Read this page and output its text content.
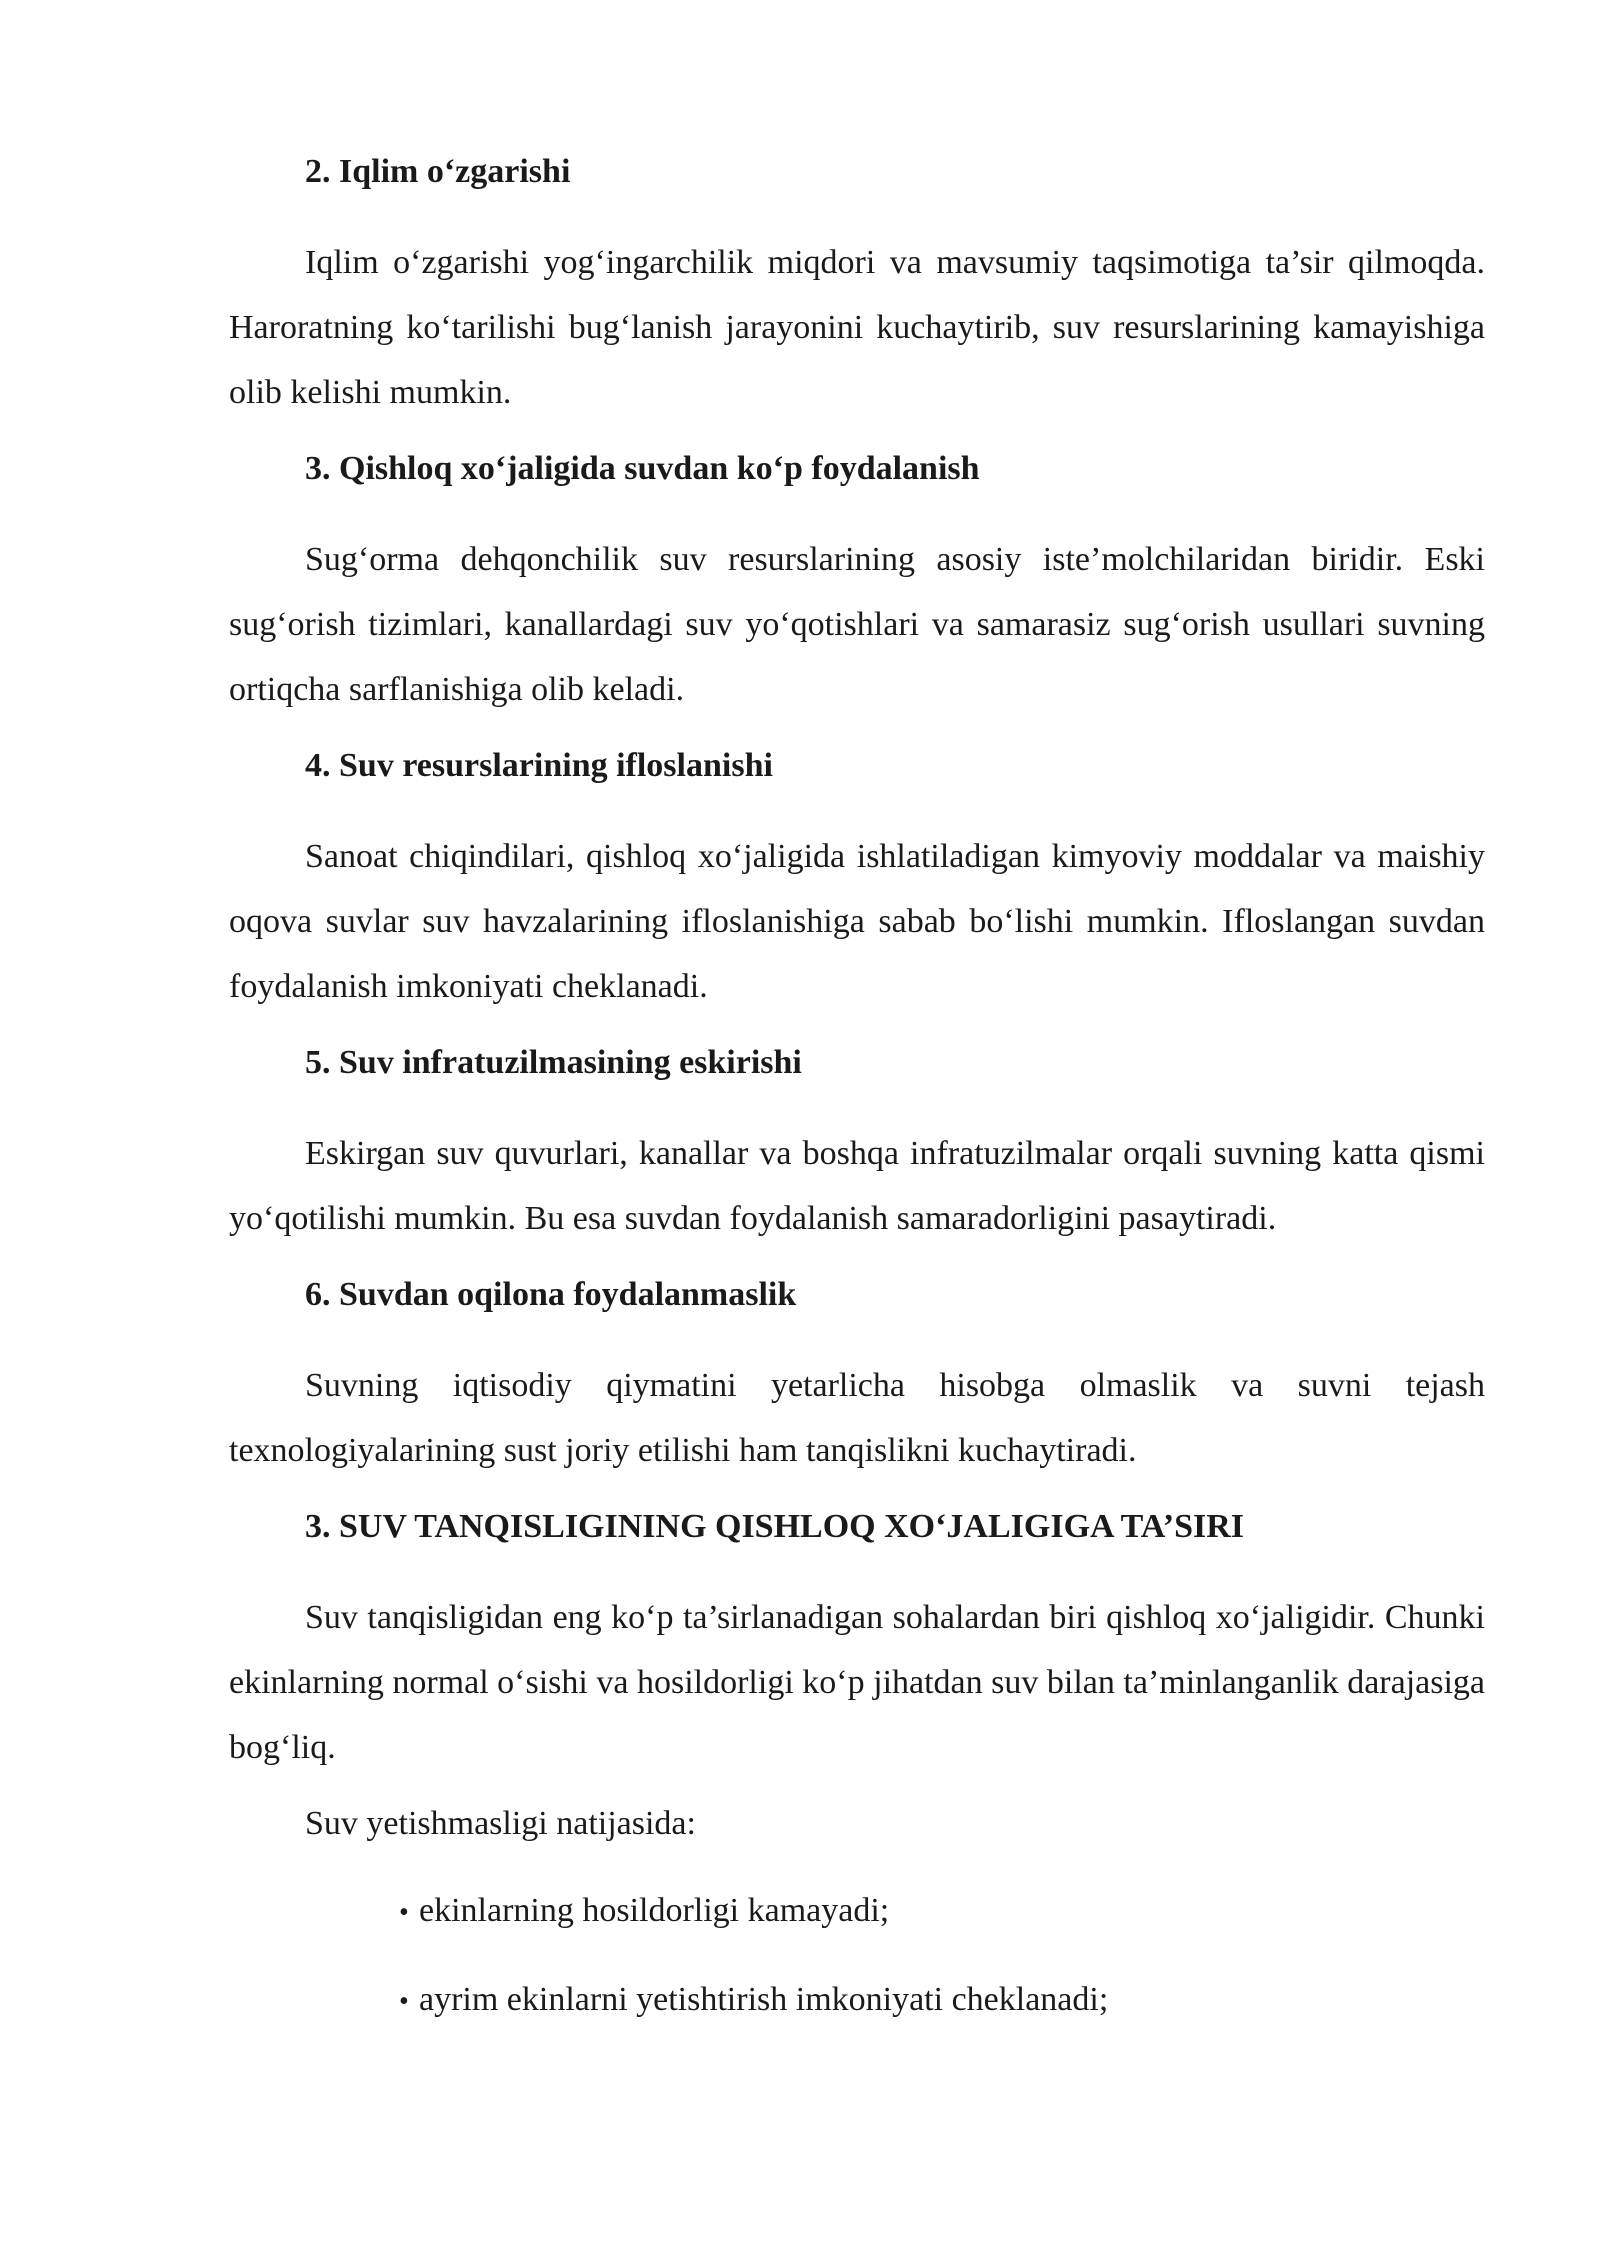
2. Iqlim o‘zgarishi

Iqlim o‘zgarishi yog‘ingarchilik miqdori va mavsumiy taqsimotiga ta’sir qilmoqda. Haroratning ko‘tarilishi bug‘lanish jarayonini kuchaytirib, suv resurslarining kamayishiga olib kelishi mumkin.

3. Qishloq xo‘jaligida suvdan ko‘p foydalanish

Sug‘orma dehqonchilik suv resurslarining asosiy iste’molchilaridan biridir. Eski sug‘orish tizimlari, kanallardagi suv yo‘qotishlari va samarasiz sug‘orish usullari suvning ortiqcha sarflanishiga olib keladi.

4. Suv resurslarining ifloslanishi

Sanoat chiqindilari, qishloq xo‘jaligida ishlatiladigan kimyoviy moddalar va maishiy oqova suvlar suv havzalarining ifloslanishiga sabab bo‘lishi mumkin. Ifloslangan suvdan foydalanish imkoniyati cheklanadi.

5. Suv infratuzilmasining eskirishi

Eskirgan suv quvurlari, kanallar va boshqa infratuzilmalar orqali suvning katta qismi yo‘qotilishi mumkin. Bu esa suvdan foydalanish samaradorligini pasaytiradi.

6. Suvdan oqilona foydalanmaslik

Suvning iqtisodiy qiymatini yetarlicha hisobga olmaslik va suvni tejash texnologiyalarining sust joriy etilishi ham tanqislikni kuchaytiradi.

3. SUV TANQISLIGINING QISHLOQ XO‘JALIGIGA TA’SIRI

Suv tanqisligidan eng ko‘p ta’sirlanadigan sohalardan biri qishloq xo‘jaligidir. Chunki ekinlarning normal o‘sishi va hosildorligi ko‘p jihatdan suv bilan ta’minlanganlik darajasiga bog‘liq.

Suv yetishmasligi natijasida:

• ekinlarning hosildorligi kamayadi;
• ayrim ekinlarni yetishtirish imkoniyati cheklanadi;
